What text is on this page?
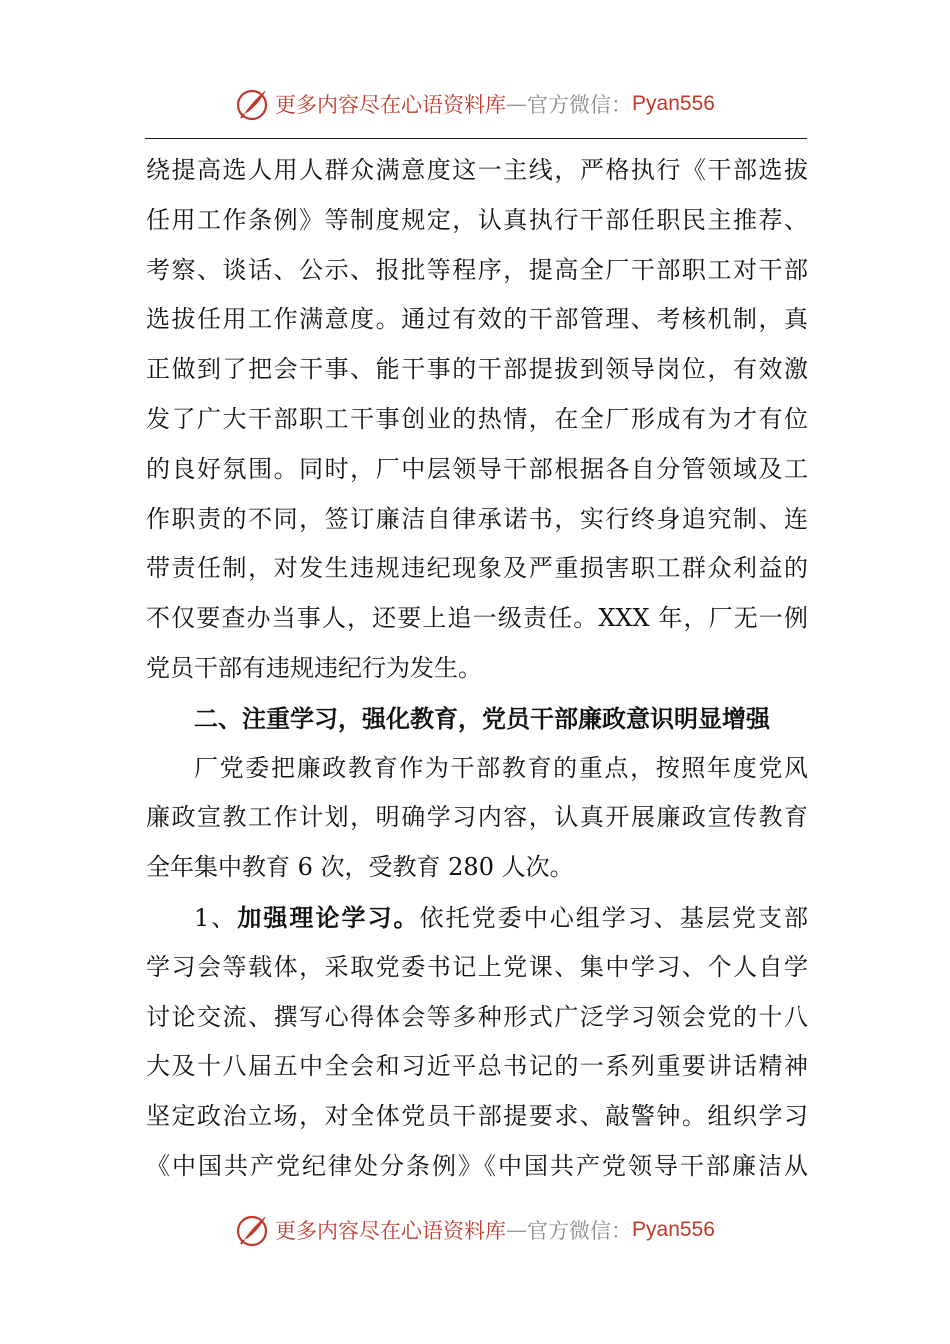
更多内容尽在心语资料库 — 官方微信： Pyan556
绕提高选人用人群众满意度这一主线，严格执行《干部选拔
任用工作条例》等制度规定，认真执行干部任职民主推荐、
考察、谈话、公示、报批等程序，提高全厂干部职工对干部
选拔任用工作满意度。通过有效的干部管理、考核机制，真
正做到了把会干事、能干事的干部提拔到领导岗位，有效激
发了广大干部职工干事创业的热情，在全厂形成有为才有位
的良好氛围。同时，厂中层领导干部根据各自分管领域及工
作职责的不同，签订廉洁自律承诺书，实行终身追究制、连
带责任制，对发生违规违纪现象及严重损害职工群众利益的
不仅要查办当事人，还要上追一级责任。XXX 年，厂无一例
党员干部有违规违纪行为发生。
二、注重学习，强化教育，党员干部廉政意识明显增强
厂党委把廉政教育作为干部教育的重点，按照年度党风
廉政宣教工作计划，明确学习内容，认真开展廉政宣传教育
全年集中教育 6 次，受教育 280 人次。
1、加强理论学习。依托党委中心组学习、基层党支部
学习会等载体，采取党委书记上党课、集中学习、个人自学
讨论交流、撰写心得体会等多种形式广泛学习领会党的十八
大及十八届五中全会和习近平总书记的一系列重要讲话精神
坚定政治立场，对全体党员干部提要求、敲警钟。组织学习
《中国共产党纪律处分条例》《中国共产党领导干部廉洁从
更多内容尽在心语资料库 — 官方微信： Pyan556
